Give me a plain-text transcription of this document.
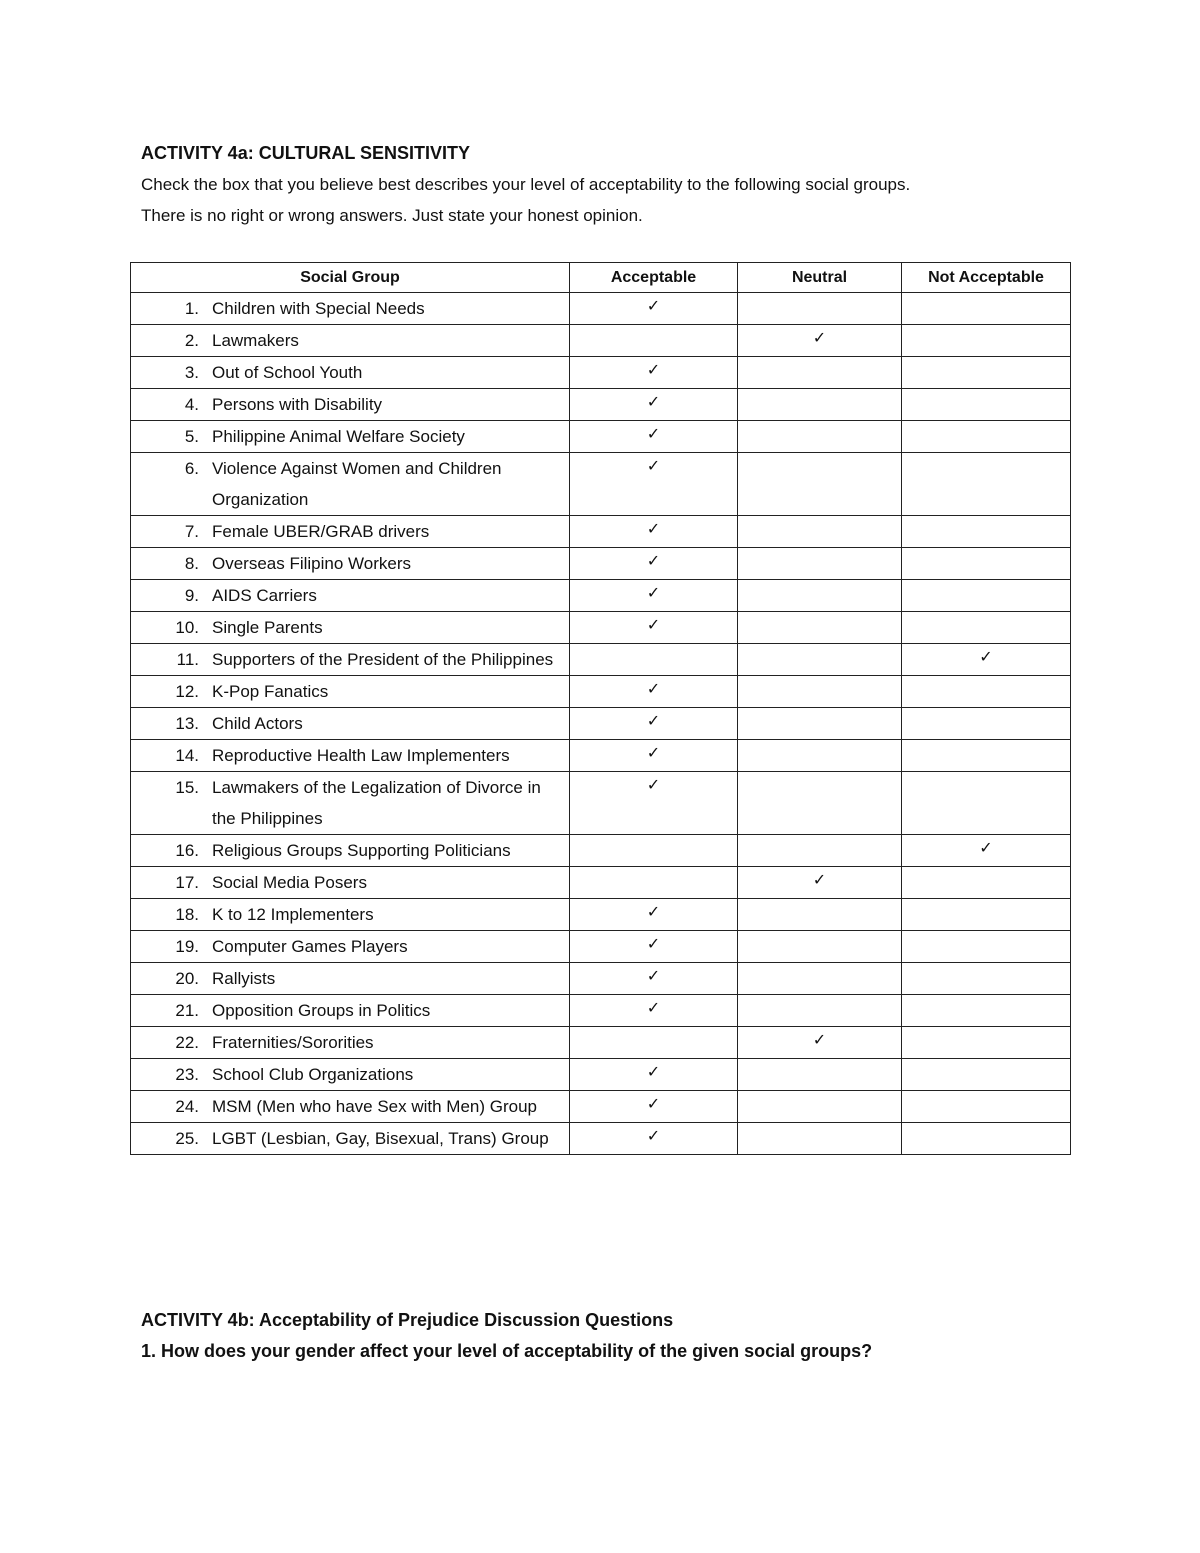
ACTIVITY 4a: CULTURAL SENSITIVITY
Check the box that you believe best describes your level of acceptability to the following social groups.
There is no right or wrong answers. Just state your honest opinion.
Social Group	Acceptable	Neutral	Not Acceptable

1. Children with Special Needs	✓		

2. Lawmakers		✓	

3. Out of School Youth	✓		

4. Persons with Disability	✓		

5. Philippine Animal Welfare Society	✓		

6. Violence Against Women and Children Organization	✓		

7. Female UBER/GRAB drivers	✓		

8. Overseas Filipino Workers	✓		

9. AIDS Carriers	✓		

10. Single Parents	✓		

11. Supporters of the President of the Philippines			✓

12. K-Pop Fanatics	✓		

13. Child Actors	✓		

14. Reproductive Health Law Implementers	✓		

15. Lawmakers of the Legalization of Divorce in the Philippines	✓		

16. Religious Groups Supporting Politicians			✓

17. Social Media Posers		✓	

18. K to 12 Implementers	✓		

19. Computer Games Players	✓		

20. Rallyists	✓		

21. Opposition Groups in Politics	✓		

22. Fraternities/Sororities		✓	

23. School Club Organizations	✓		

24. MSM (Men who have Sex with Men) Group	✓		

25. LGBT (Lesbian, Gay, Bisexual, Trans) Group	✓		

ACTIVITY 4b: Acceptability of Prejudice Discussion Questions
1. How does your gender affect your level of acceptability of the given social groups?
